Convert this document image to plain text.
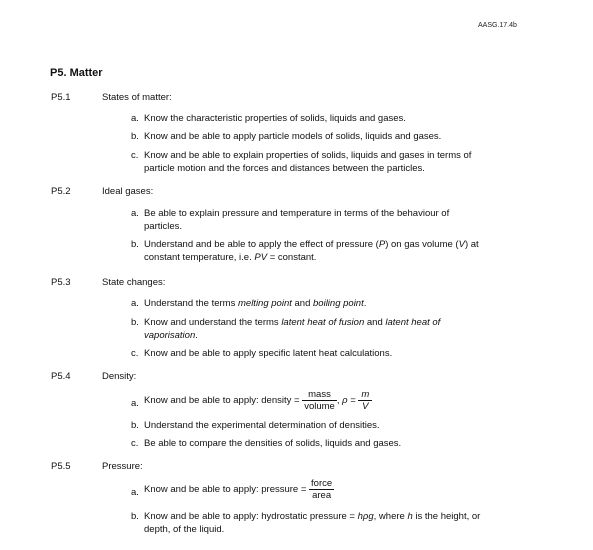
AASG.17.4b
P5. Matter
P5.1	States of matter:
a. Know the characteristic properties of solids, liquids and gases.
b. Know and be able to apply particle models of solids, liquids and gases.
c. Know and be able to explain properties of solids, liquids and gases in terms of
particle motion and the forces and distances between the particles.
P5.2	Ideal gases:
a. Be able to explain pressure and temperature in terms of the behaviour of
particles.
b. Understand and be able to apply the effect of pressure (P) on gas volume (V) at
constant temperature, i.e. PV = constant.
P5.3	State changes:
a. Understand the terms melting point and boiling point.
b. Know and understand the terms latent heat of fusion and latent heat of
vaporisation.
c. Know and be able to apply specific latent heat calculations.
P5.4	Density:
a. Know and be able to apply: density = $\frac{\text{mass}}{\text{volume}}$ , $\rho = \frac{m}{V}$
b. Understand the experimental determination of densities.
c. Be able to compare the densities of solids, liquids and gases.
P5.5	Pressure:
a. Know and be able to apply: pressure = $\frac{\text{force}}{\text{area}}$
b. Know and be able to apply: hydrostatic pressure = hρg, where h is the height, or
depth, of the liquid.
